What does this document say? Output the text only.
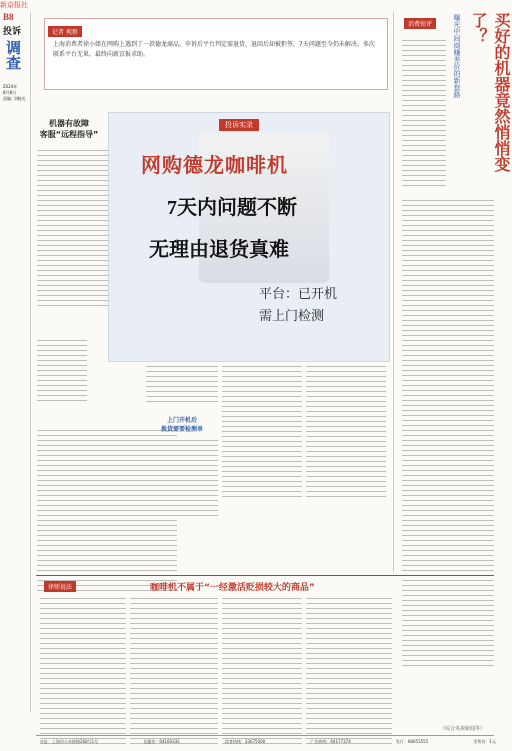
新京报社
B8
投诉
调查
2024年
8月8日
责编: 刘晓光
记者 观察
上海消费者徐小姐在网购上遇到了一款德龙商品，申诉后平台判定需退货，退回后却被拒签，7天问题至今仍未解决。多次联系平台无果，最终向新京报求助。
机器有故障
客服“远程指导”
投诉实录
网购德龙咖啡机
7天内问题不断
无理由退货真难
平台：已开机
需上门检测
上门开机后
换货需要检测单
消费短评	买好的机器竟然悄悄变了？
曝光中间商赚差价的新套路
律师说法	咖啡机不属于“一经激活贬损较大的商品”
（综合央视新闻等）
社址：上海市小木桥路268号1号	总编室：64169332	读者热线：33675000	广告热线：64177374	发行：68653555	零售价：1元
